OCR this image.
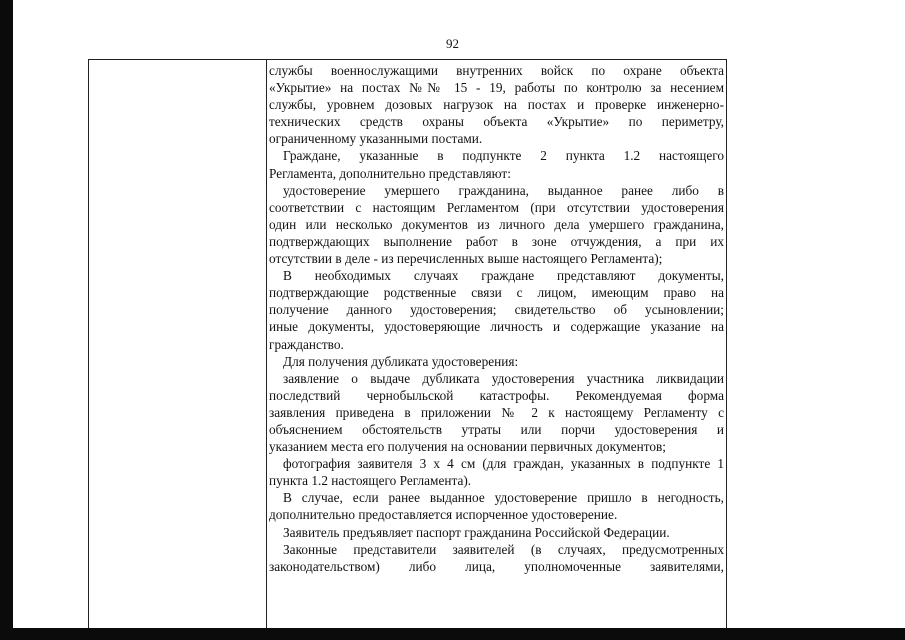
92
службы военнослужащими внутренних войск по охране объекта
«Укрытие» на постах №№ 15 - 19, работы по контролю за несением
службы, уровнем дозовых нагрузок на постах и проверке инженерно-
технических средств охраны объекта «Укрытие» по периметру,
ограниченному указанными постами.
Граждане, указанные в подпункте 2 пункта 1.2 настоящего
Регламента, дополнительно представляют:
удостоверение умершего гражданина, выданное ранее либо в
соответствии с настоящим Регламентом (при отсутствии удостоверения
один или несколько документов из личного дела умершего гражданина,
подтверждающих выполнение работ в зоне отчуждения, а при их
отсутствии в деле - из перечисленных выше настоящего Регламента);
В необходимых случаях граждане представляют документы,
подтверждающие родственные связи с лицом, имеющим право на
получение данного удостоверения; свидетельство об усыновлении;
иные документы, удостоверяющие личность и содержащие указание на
гражданство.
Для получения дубликата удостоверения:
заявление о выдаче дубликата удостоверения участника ликвидации
последствий чернобыльской катастрофы. Рекомендуемая форма
заявления приведена в приложении № 2 к настоящему Регламенту с
объяснением обстоятельств утраты или порчи удостоверения и
указанием места его получения на основании первичных документов;
фотография заявителя 3 х 4 см (для граждан, указанных в подпункте 1
пункта 1.2 настоящего Регламента).
В случае, если ранее выданное удостоверение пришло в негодность,
дополнительно предоставляется испорченное удостоверение.
Заявитель предъявляет паспорт гражданина Российской Федерации.
Законные представители заявителей (в случаях, предусмотренных
законодательством) либо лица, уполномоченные заявителями,
